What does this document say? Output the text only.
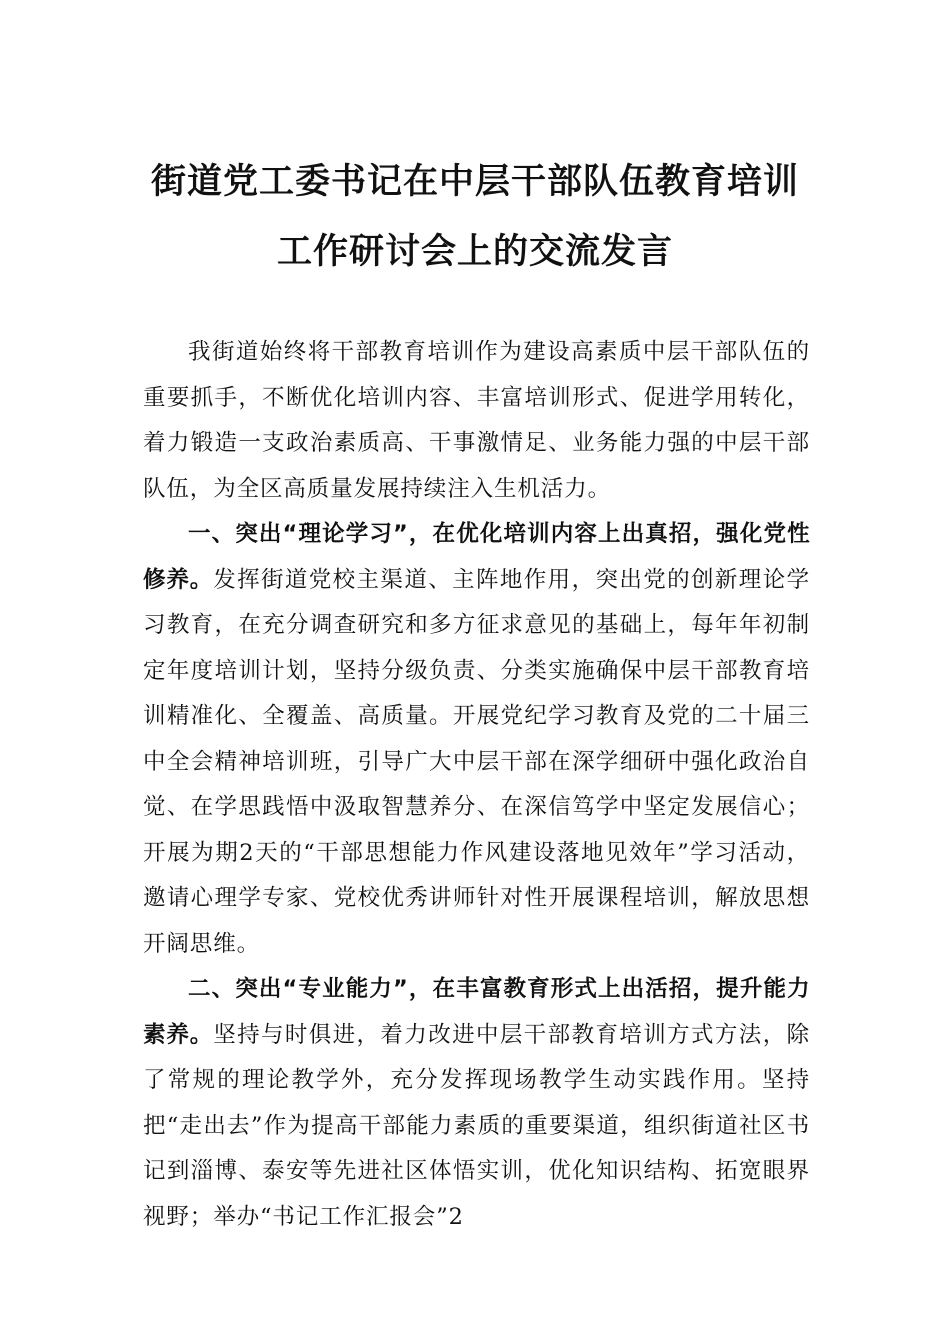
街道党工委书记在中层干部队伍教育培训
工作研讨会上的交流发言

我街道始终将干部教育培训作为建设高素质中层干部队伍的重要抓手，不断优化培训内容、丰富培训形式、促进学用转化，着力锻造一支政治素质高、干事激情足、业务能力强的中层干部队伍，为全区高质量发展持续注入生机活力。

一、突出“理论学习”，在优化培训内容上出真招，强化党性修养。发挥街道党校主渠道、主阵地作用，突出党的创新理论学习教育，在充分调查研究和多方征求意见的基础上，每年年初制定年度培训计划，坚持分级负责、分类实施确保中层干部教育培训精准化、全覆盖、高质量。开展党纪学习教育及党的二十届三中全会精神培训班，引导广大中层干部在深学细研中强化政治自觉、在学思践悟中汲取智慧养分、在深信笃学中坚定发展信心；开展为期2天的“干部思想能力作风建设落地见效年”学习活动，邀请心理学专家、党校优秀讲师针对性开展课程培训，解放思想开阔思维。

二、突出“专业能力”，在丰富教育形式上出活招，提升能力素养。坚持与时俱进，着力改进中层干部教育培训方式方法，除了常规的理论教学外，充分发挥现场教学生动实践作用。坚持把“走出去”作为提高干部能力素质的重要渠道，组织街道社区书记到淄博、泰安等先进社区体悟实训，优化知识结构、拓宽眼界视野；举办“书记工作汇报会”2
